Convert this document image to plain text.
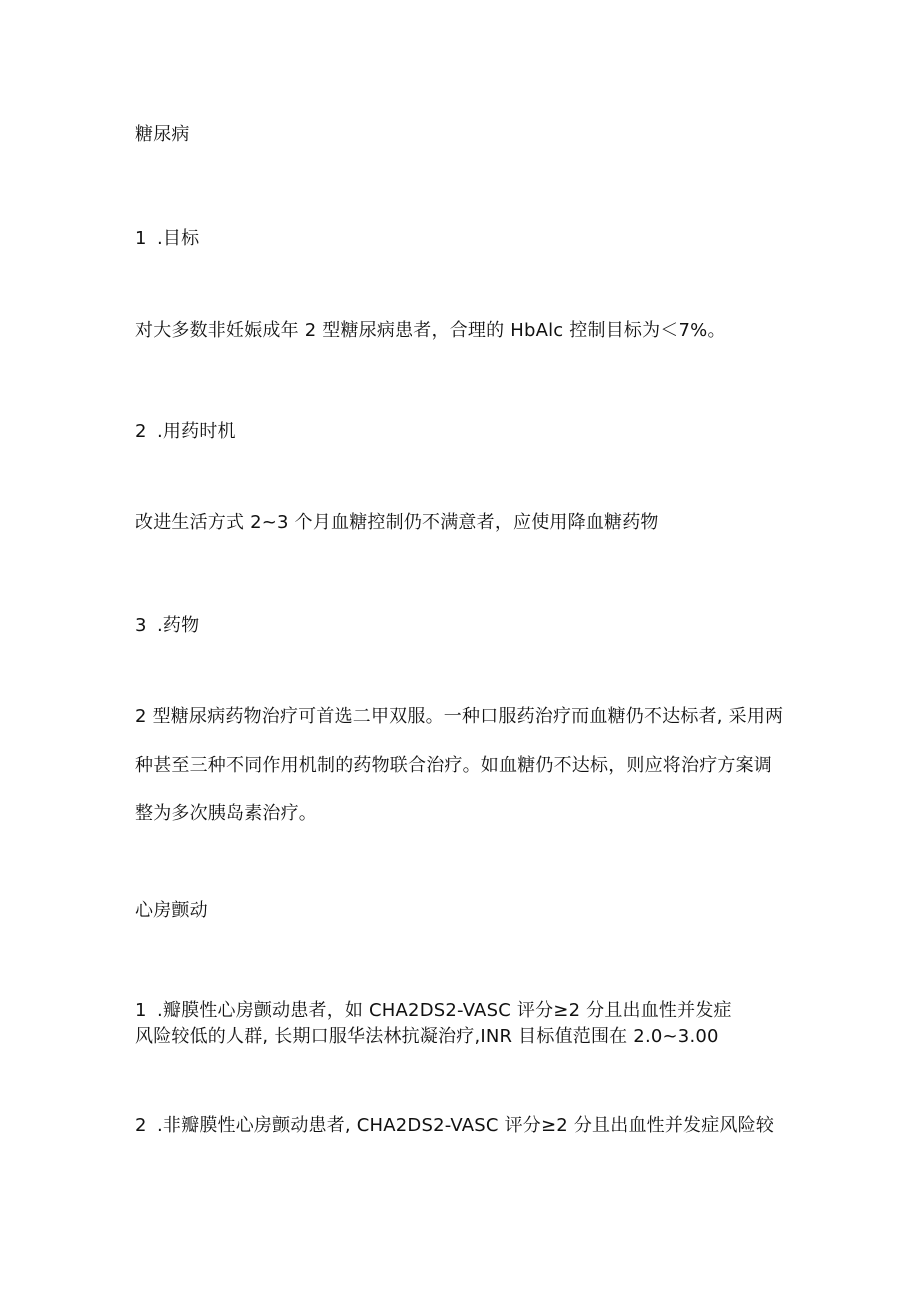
糖尿病
1 .目标
对大多数非妊娠成年 2 型糖尿病患者，合理的 HbAlc 控制目标为＜7%。
2 .用药时机
改进生活方式 2~3 个月血糖控制仍不满意者，应使用降血糖药物
3 .药物
2 型糖尿病药物治疗可首选二甲双服。一种口服药治疗而血糖仍不达标者, 采用两
种甚至三种不同作用机制的药物联合治疗。如血糖仍不达标，则应将治疗方案调
整为多次胰岛素治疗。
心房颤动
1 .瓣膜性心房颤动患者，如 CHA2DS2-VASC 评分≥2 分且出血性并发症
风险较低的人群, 长期口服华法林抗凝治疗,INR 目标值范围在 2.0~3.00
2 .非瓣膜性心房颤动患者, CHA2DS2-VASC 评分≥2 分且出血性并发症风险较
